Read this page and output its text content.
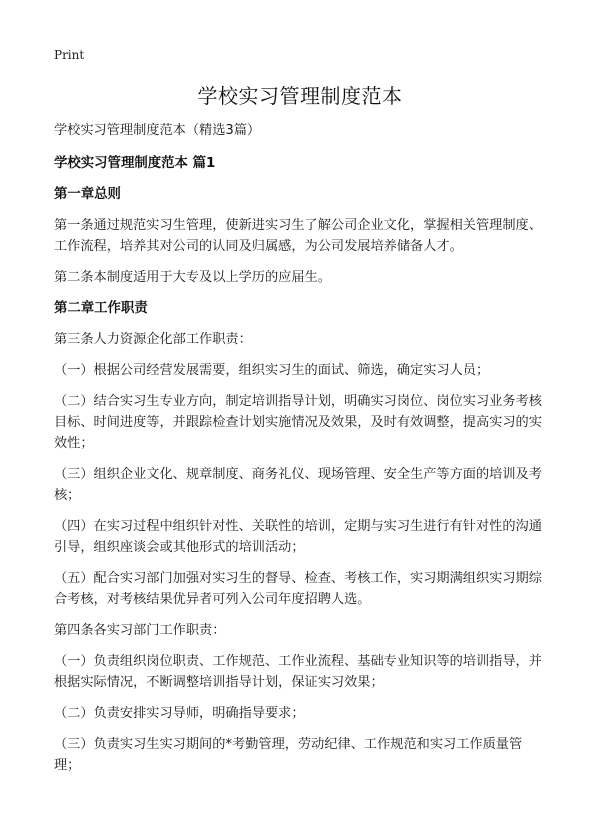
Print
学校实习管理制度范本

学校实习管理制度范本（精选3篇）

学校实习管理制度范本 篇1

第一章总则

第一条通过规范实习生管理，使新进实习生了解公司企业文化，掌握相关管理制度、工作流程，培养其对公司的认同及归属感，为公司发展培养储备人才。

第二条本制度适用于大专及以上学历的应届生。

第二章工作职责

第三条人力资源企化部工作职责：

（一）根据公司经营发展需要，组织实习生的面试、筛选，确定实习人员；

（二）结合实习生专业方向，制定培训指导计划，明确实习岗位、岗位实习业务考核目标、时间进度等，并跟踪检查计划实施情况及效果，及时有效调整，提高实习的实效性；

（三）组织企业文化、规章制度、商务礼仪、现场管理、安全生产等方面的培训及考核；

（四）在实习过程中组织针对性、关联性的培训，定期与实习生进行有针对性的沟通引导，组织座谈会或其他形式的培训活动；

（五）配合实习部门加强对实习生的督导、检查、考核工作，实习期满组织实习期综合考核，对考核结果优异者可列入公司年度招聘人选。

第四条各实习部门工作职责：

（一）负责组织岗位职责、工作规范、工作业流程、基础专业知识等的培训指导，并根据实际情况，不断调整培训指导计划，保证实习效果；

（二）负责安排实习导师，明确指导要求；

（三）负责实习生实习期间的*考勤管理，劳动纪律、工作规范和实习工作质量管理；
